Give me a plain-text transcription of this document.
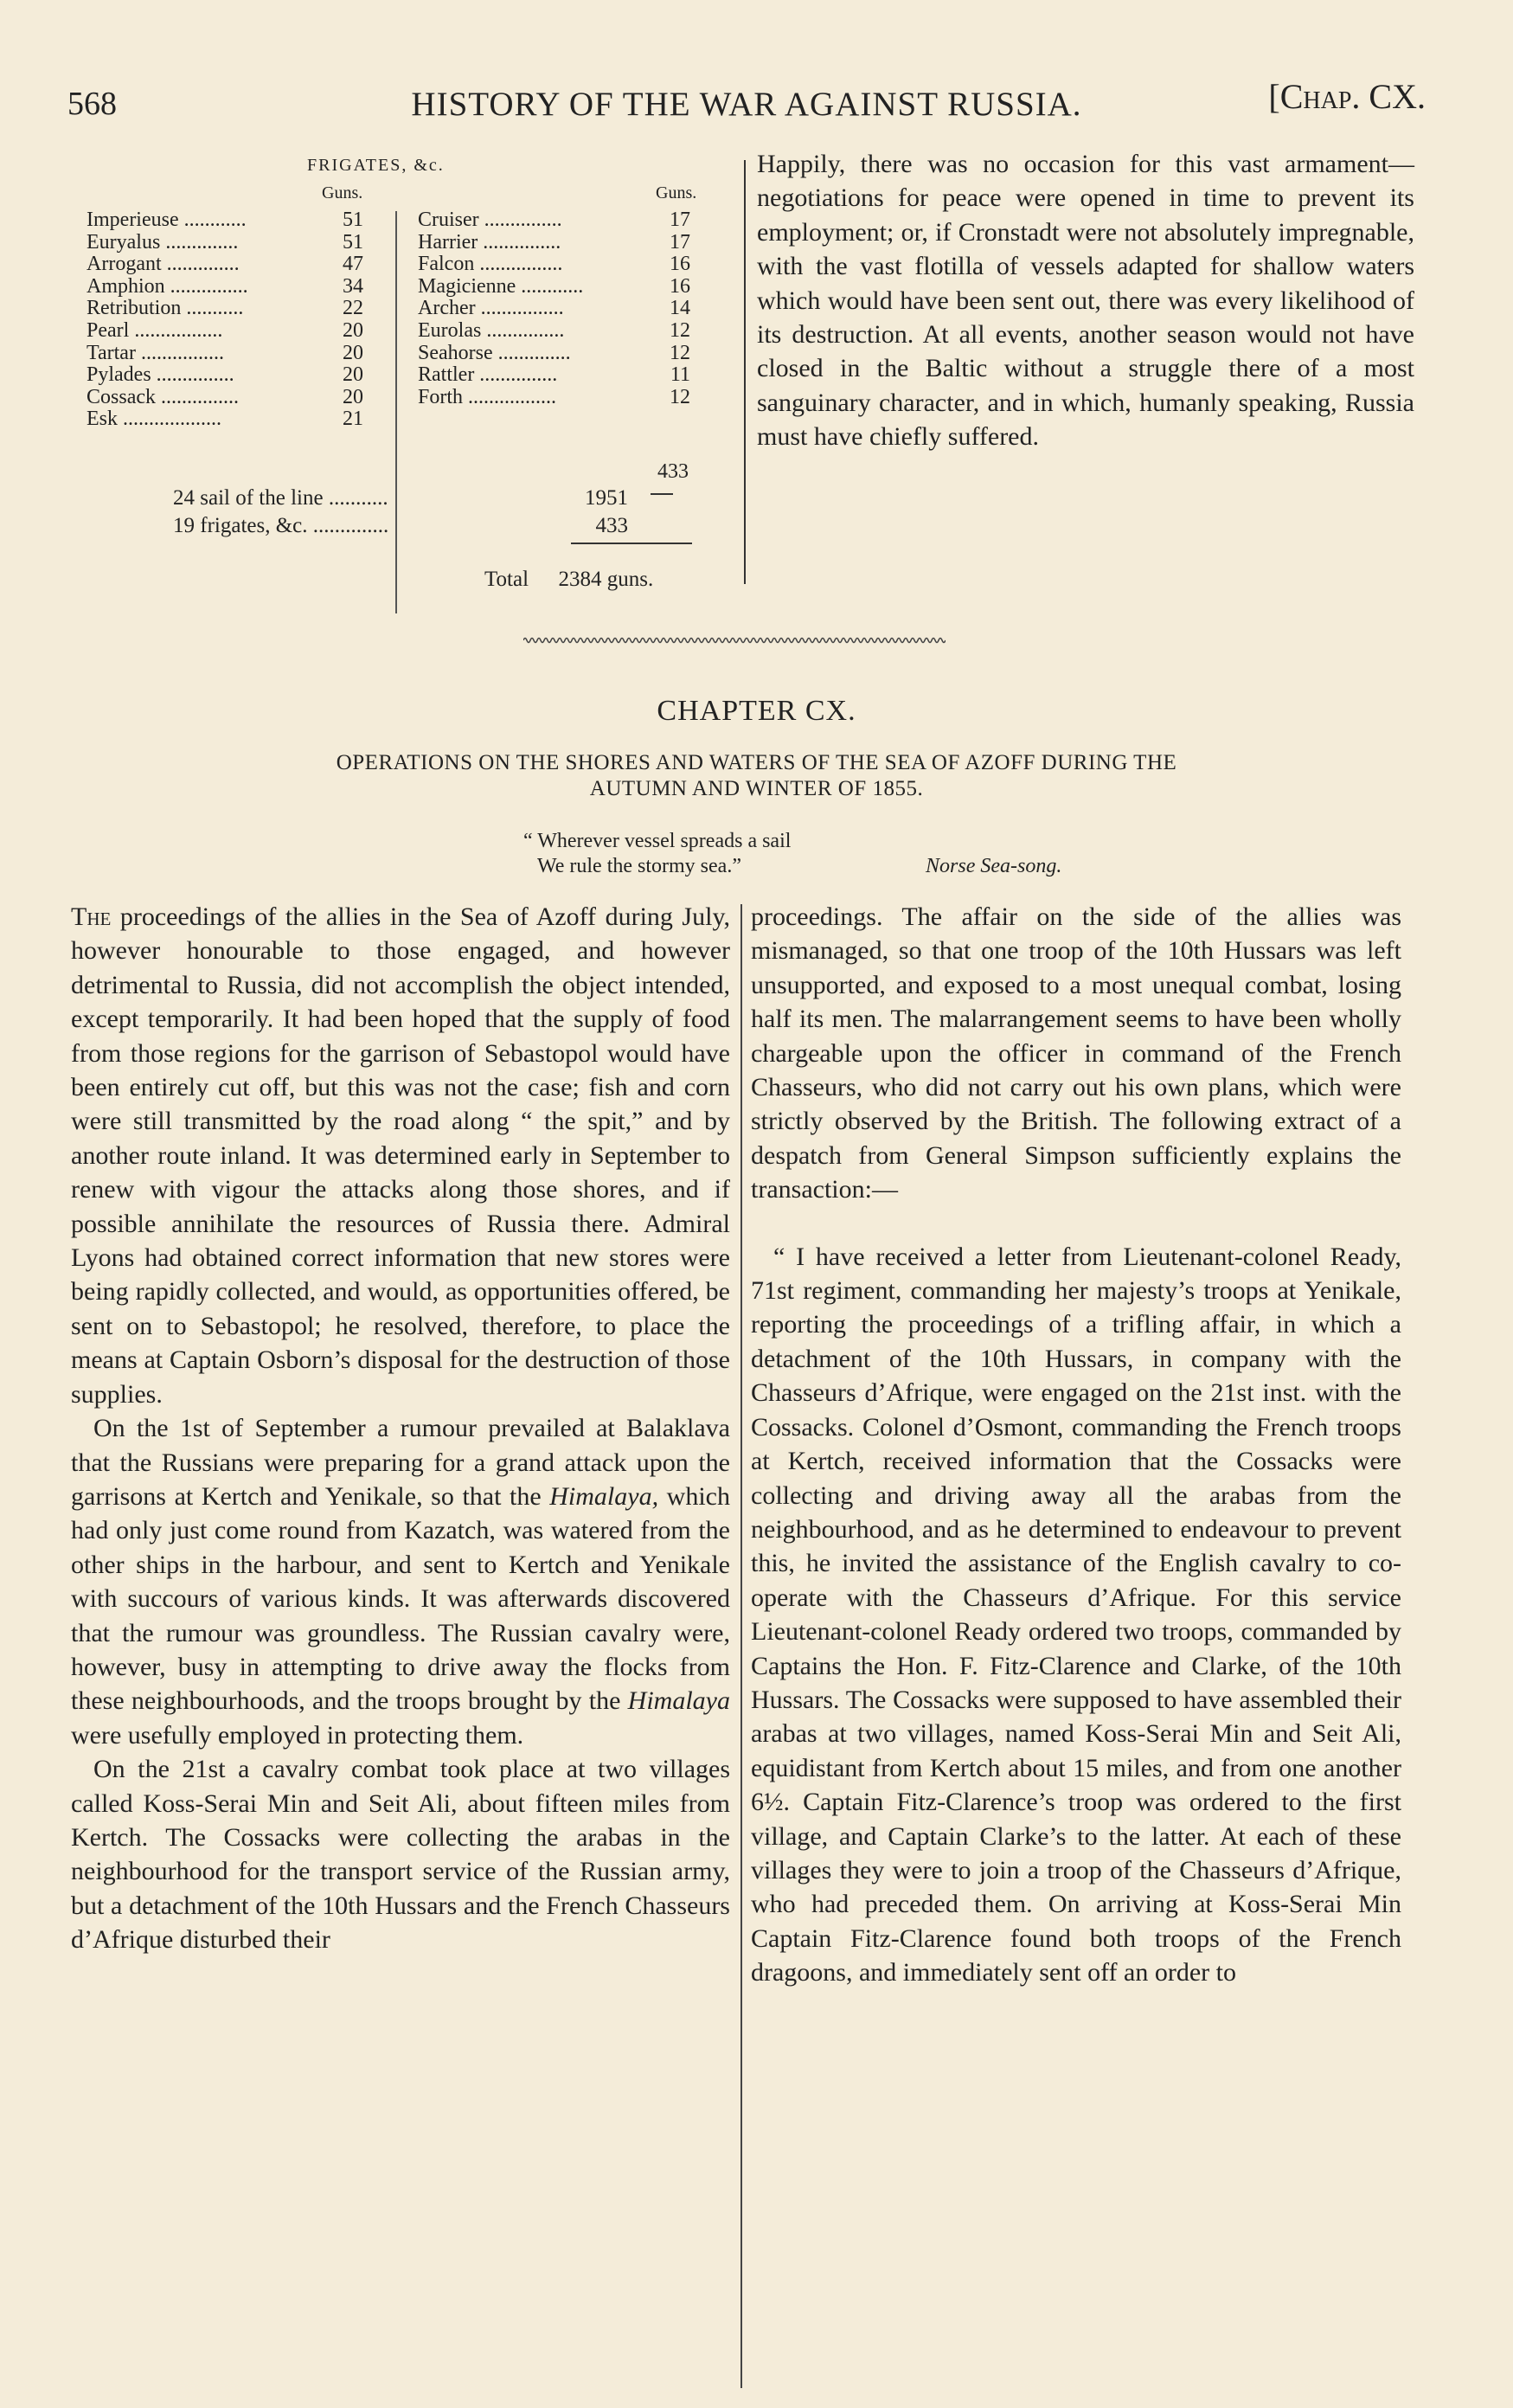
568	HISTORY OF THE WAR AGAINST RUSSIA.	[Chap. CX.
FRIGATES, &c.
Guns.	Guns.
Imperieuse ............	51
Euryalus ..............	51
Arrogant ..............	47
Amphion ...............	34
Retribution ...........	22
Pearl .................	20
Tartar ................	20
Pylades ...............	20
Cossack ...............	20
Esk ...................	21
Cruiser ...............	17
Harrier ...............	17
Falcon ................	16
Magicienne ............	16
Archer ................	14
Eurolas ...............	12
Seahorse ..............	12
Rattler ...............	11
Forth .................	12
433
24 sail of the line ...........	1951
19 frigates, &c. ..............	433
Total 2384 guns.
Happily, there was no occasion for this vast armament—negotiations for peace were opened in time to prevent its employment; or, if Cronstadt were not absolutely impregnable, with the vast flotilla of vessels adapted for shallow waters which would have been sent out, there was every likelihood of its destruction. At all events, another season would not have closed in the Baltic without a struggle there of a most sanguinary character, and in which, humanly speaking, Russia must have chiefly suffered.
CHAPTER CX.
OPERATIONS ON THE SHORES AND WATERS OF THE SEA OF AZOFF DURING THE
AUTUMN AND WINTER OF 1855.
“ Wherever vessel spreads a sail
We rule the stormy sea.”	Norse Sea-song.

The proceedings of the allies in the Sea of Azoff during July, however honourable to those engaged, and however detrimental to Russia, did not accomplish the object intended, except temporarily. It had been hoped that the supply of food from those regions for the garrison of Sebastopol would have been entirely cut off, but this was not the case; fish and corn were still transmitted by the road along “ the spit,” and by another route inland. It was determined early in September to renew with vigour the attacks along those shores, and if possible annihilate the resources of Russia there. Admiral Lyons had obtained correct information that new stores were being rapidly collected, and would, as opportunities offered, be sent on to Sebastopol; he resolved, therefore, to place the means at Captain Osborn’s disposal for the destruction of those supplies.

On the 1st of September a rumour prevailed at Balaklava that the Russians were preparing for a grand attack upon the garrisons at Kertch and Yenikale, so that the Himalaya, which had only just come round from Kazatch, was watered from the other ships in the harbour, and sent to Kertch and Yenikale with succours of various kinds. It was afterwards discovered that the rumour was groundless. The Russian cavalry were, however, busy in attempting to drive away the flocks from these neighbourhoods, and the troops brought by the Himalaya were usefully employed in protecting them.

On the 21st a cavalry combat took place at two villages called Koss-Serai Min and Seit Ali, about fifteen miles from Kertch. The Cossacks were collecting the arabas in the neighbourhood for the transport service of the Russian army, but a detachment of the 10th Hussars and the French Chasseurs d’Afrique disturbed their

proceedings. The affair on the side of the allies was mismanaged, so that one troop of the 10th Hussars was left unsupported, and exposed to a most unequal combat, losing half its men. The malarrangement seems to have been wholly chargeable upon the officer in command of the French Chasseurs, who did not carry out his own plans, which were strictly observed by the British. The following extract of a despatch from General Simpson sufficiently explains the transaction:—

“ I have received a letter from Lieutenant-colonel Ready, 71st regiment, commanding her majesty’s troops at Yenikale, reporting the proceedings of a trifling affair, in which a detachment of the 10th Hussars, in company with the Chasseurs d’Afrique, were engaged on the 21st inst. with the Cossacks. Colonel d’Osmont, commanding the French troops at Kertch, received information that the Cossacks were collecting and driving away all the arabas from the neighbourhood, and as he determined to endeavour to prevent this, he invited the assistance of the English cavalry to co-operate with the Chasseurs d’Afrique. For this service Lieutenant-colonel Ready ordered two troops, commanded by Captains the Hon. F. Fitz-Clarence and Clarke, of the 10th Hussars. The Cossacks were supposed to have assembled their arabas at two villages, named Koss-Serai Min and Seit Ali, equidistant from Kertch about 15 miles, and from one another 6½. Captain Fitz-Clarence’s troop was ordered to the first village, and Captain Clarke’s to the latter. At each of these villages they were to join a troop of the Chasseurs d’Afrique, who had preceded them. On arriving at Koss-Serai Min Captain Fitz-Clarence found both troops of the French dragoons, and immediately sent off an order to
